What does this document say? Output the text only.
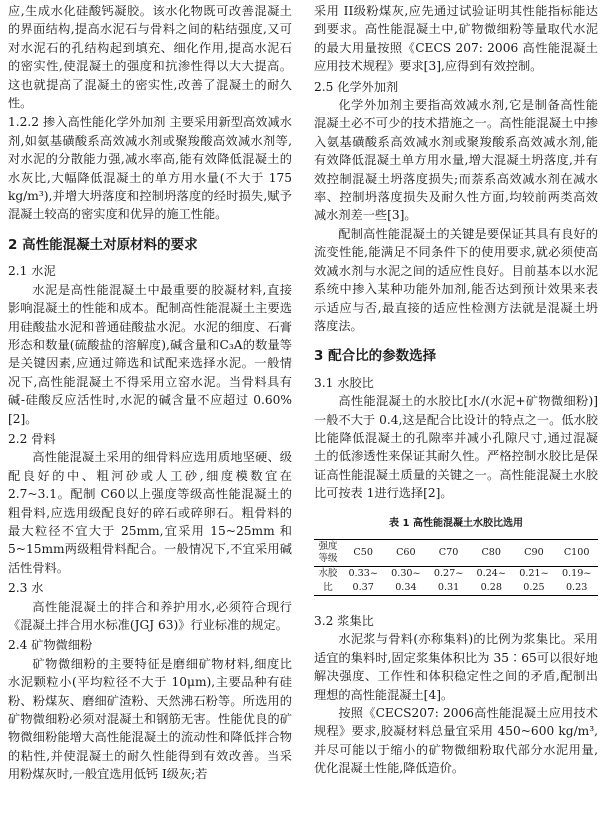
应,生成水化硅酸钙凝胶。该水化物既可改善混凝土的界面结构,提高水泥石与骨料之间的粘结强度,又可对水泥石的孔结构起到填充、细化作用,提高水泥石的密实性,使混凝土的强度和抗渗性得以大大提高。这也就提高了混凝土的密实性,改善了混凝土的耐久性。

1.2.2 掺入高性能化学外加剂 主要采用新型高效减水剂,如氨基磺酸系高效减水剂或聚羧酸高效减水剂等,对水泥的分散能力强,减水率高,能有效降低混凝土的水灰比,大幅降低混凝土的单方用水量(不大于 175 kg/m³),并增大坍落度和控制坍落度的经时损失,赋予混凝土较高的密实度和优异的施工性能。

2 高性能混凝土对原材料的要求

2.1 水泥

水泥是高性能混凝土中最重要的胶凝材料,直接影响混凝土的性能和成本。配制高性能混凝土主要选用硅酸盐水泥和普通硅酸盐水泥。水泥的细度、石膏形态和数量(硫酸盐的溶解度),碱含量和C₃A的数量等是关键因素,应通过筛选和试配来选择水泥。一般情况下,高性能混凝土不得采用立窑水泥。当骨料具有碱-硅酸反应活性时,水泥的碱含量不应超过 0.60%[2]。

2.2 骨料

高性能混凝土采用的细骨料应选用质地坚硬、级配良好的中、粗河砂或人工砂,细度模数宜在 2.7~3.1。配制 C60以上强度等级高性能混凝土的粗骨料,应选用级配良好的碎石或碎卵石。粗骨料的最大粒径不宜大于 25mm,宜采用 15~25mm 和 5~15mm两级粗骨料配合。一般情况下,不宜采用碱活性骨料。

2.3 水

高性能混凝土的拌合和养护用水,必须符合现行《混凝土拌合用水标准(JGJ 63)》行业标准的规定。

2.4 矿物微细粉

矿物微细粉的主要特征是磨细矿物材料,细度比水泥颗粒小(平均粒径不大于 10μm),主要品种有硅粉、粉煤灰、磨细矿渣粉、天然沸石粉等。所选用的矿物微细粉必须对混凝土和钢筋无害。性能优良的矿物微细粉能增大高性能混凝土的流动性和降低拌合物的粘性,并使混凝土的耐久性能得到有效改善。当采用粉煤灰时,一般宜选用低钙 I级灰;若

采用 II级粉煤灰,应先通过试验证明其性能指标能达到要求。高性能混凝土中,矿物微细粉等量取代水泥的最大用量按照《CECS 207: 2006 高性能混凝土应用技术规程》要求[3],应得到有效控制。

2.5 化学外加剂

化学外加剂主要指高效减水剂,它是制备高性能混凝土必不可少的技术措施之一。高性能混凝土中掺入氨基磺酸系高效减水剂或聚羧酸系高效减水剂,能有效降低混凝土单方用水量,增大混凝土坍落度,并有效控制混凝土坍落度损失;而萘系高效减水剂在减水率、控制坍落度损失及耐久性方面,均较前两类高效减水剂差一些[3]。

配制高性能混凝土的关键是要保证其具有良好的流变性能,能满足不同条件下的使用要求,就必须使高效减水剂与水泥之间的适应性良好。目前基本以水泥系统中掺入某种功能外加剂,能否达到预计效果来表示适应与否,最直接的适应性检测方法就是混凝土坍落度法。

3 配合比的参数选择

3.1 水胶比

高性能混凝土的水胶比[水/(水泥+矿物微细粉)]一般不大于 0.4,这是配合比设计的特点之一。低水胶比能降低混凝土的孔隙率并减小孔隙尺寸,通过混凝土的低渗透性来保证其耐久性。严格控制水胶比是保证高性能混凝土质量的关键之一。高性能混凝土水胶比可按表 1进行选择[2]。

表 1 高性能混凝土水胶比选用
强度
等级	C50	C60	C70	C80	C90	C100
水胶	0.33~	0.30~	0.27~	0.24~	0.21~	0.19~
比	0.37	0.34	0.31	0.28	0.25	0.23

3.2 浆集比

水泥浆与骨料(亦称集料)的比例为浆集比。采用适宜的集料时,固定浆集体积比为 35∶65可以很好地解决强度、工作性和体积稳定性之间的矛盾,配制出理想的高性能混凝土[4]。

按照《CECS207: 2006高性能混凝土应用技术规程》要求,胶凝材料总量宜采用 450~600 kg/m³,并尽可能以于缩小的矿物微细粉取代部分水泥用量,优化混凝土性能,降低造价。
